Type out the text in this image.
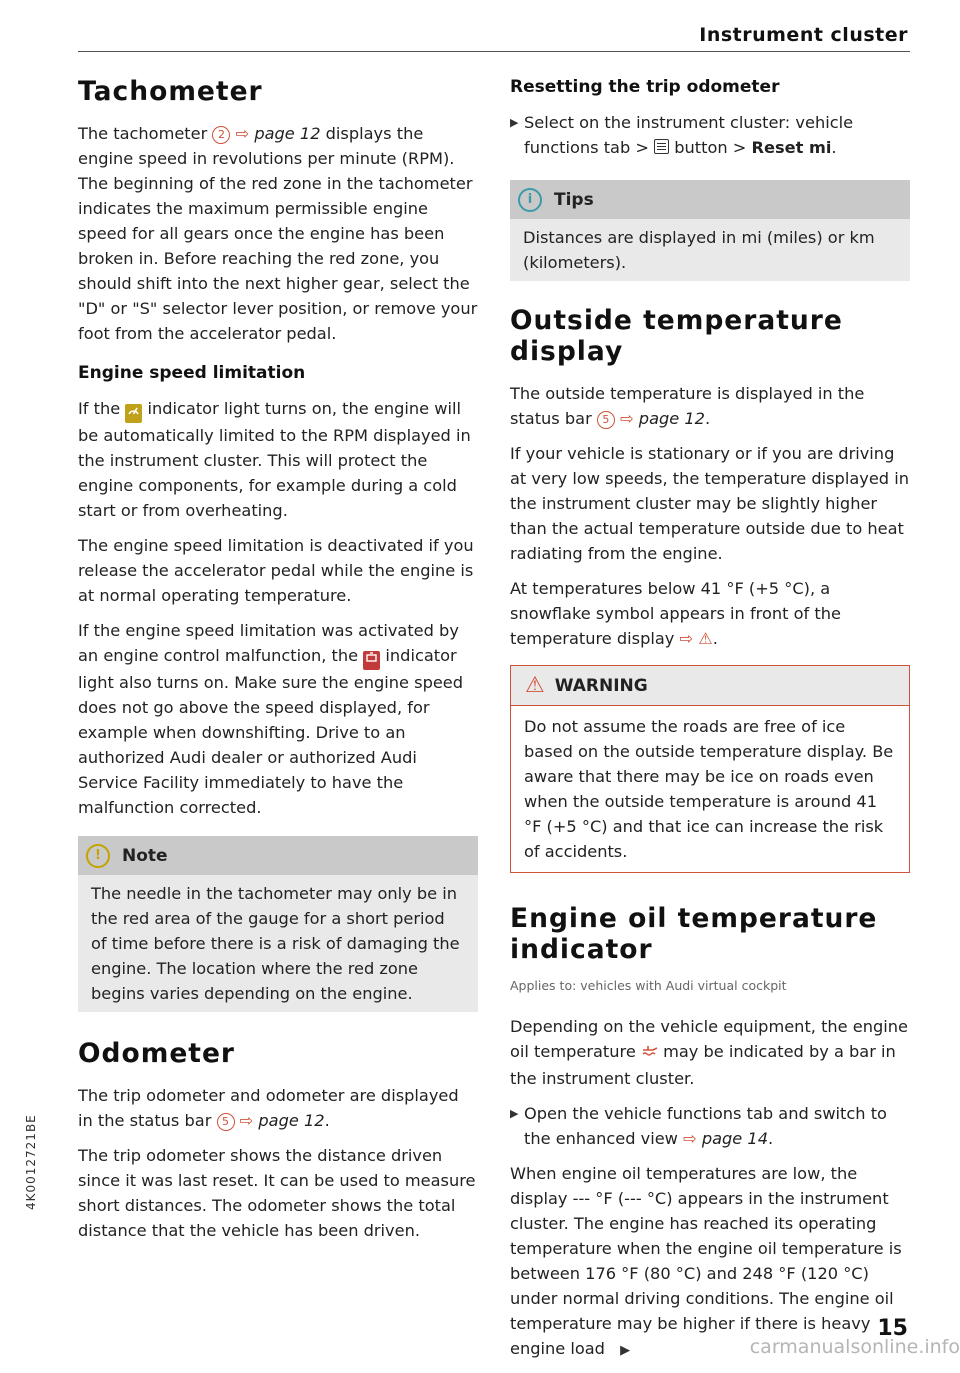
Instrument cluster
Tachometer

The tachometer 2 ⇨ page 12 displays the engine speed in revolutions per minute (RPM). The beginning of the red zone in the tachometer indicates the maximum permissible engine speed for all gears once the engine has been broken in. Before reaching the red zone, you should shift into the next higher gear, select the "D" or "S" selector lever position, or remove your foot from the accelerator pedal.

Engine speed limitation

If the  indicator light turns on, the engine will be automatically limited to the RPM displayed in the instrument cluster. This will protect the engine components, for example during a cold start or from overheating.

The engine speed limitation is deactivated if you release the accelerator pedal while the engine is at normal operating temperature.

If the engine speed limitation was activated by an engine control malfunction, the  indicator light also turns on. Make sure the engine speed does not go above the speed displayed, for example when downshifting. Drive to an authorized Audi dealer or authorized Audi Service Facility immediately to have the malfunction corrected.

!	Note

The needle in the tachometer may only be in the red area of the gauge for a short period of time before there is a risk of damaging the engine. The location where the red zone begins varies depending on the engine.

Odometer

The trip odometer and odometer are displayed in the status bar 5 ⇨ page 12.

The trip odometer shows the distance driven since it was last reset. It can be used to measure short distances. The odometer shows the total distance that the vehicle has been driven.

Resetting the trip odometer
▶ Select on the instrument cluster: vehicle functions tab >  button > Reset mi.

i	Tips

Distances are displayed in mi (miles) or km (kilometers).

Outside temperature display

The outside temperature is displayed in the status bar 5 ⇨ page 12.

If your vehicle is stationary or if you are driving at very low speeds, the temperature displayed in the instrument cluster may be slightly higher than the actual temperature outside due to heat radiating from the engine.

At temperatures below 41 °F (+5 °C), a snowflake symbol appears in front of the temperature display ⇨ ⚠.

⚠ WARNING

Do not assume the roads are free of ice based on the outside temperature display. Be aware that there may be ice on roads even when the outside temperature is around 41 °F (+5 °C) and that ice can increase the risk of accidents.

Engine oil temperature indicator

Applies to: vehicles with Audi virtual cockpit

Depending on the vehicle equipment, the engine oil temperature  may be indicated by a bar in the instrument cluster.

▶ Open the vehicle functions tab and switch to the enhanced view ⇨ page 14.

When engine oil temperatures are low, the display --- °F (--- °C) appears in the instrument cluster. The engine has reached its operating temperature when the engine oil temperature is between 176 °F (80 °C) and 248 °F (120 °C) under normal driving conditions. The engine oil temperature may be higher if there is heavy engine load ▶

15
4K0012721BE
carmanualsonline.info
